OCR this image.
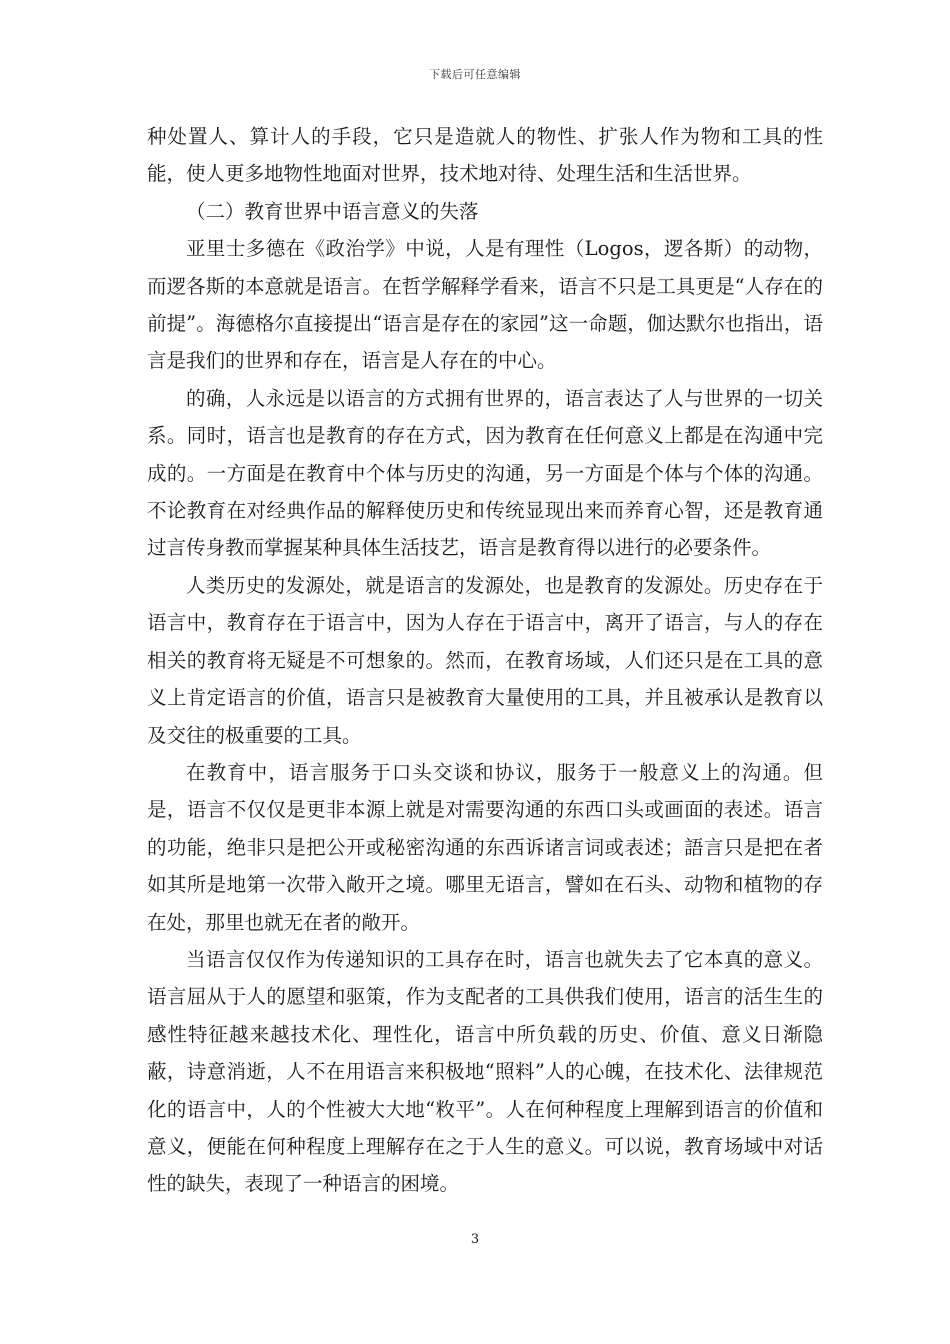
下载后可任意编辑

种处置人、算计人的手段，它只是造就人的物性、扩张人作为物和工具的性能，使人更多地物性地面对世界，技术地对待、处理生活和生活世界。

（二）教育世界中语言意义的失落

亚里士多德在《政治学》中说，人是有理性（Logos，逻各斯）的动物，而逻各斯的本意就是语言。在哲学解释学看来，语言不只是工具更是“人存在的前提”。海德格尔直接提出“语言是存在的家园”这一命题，伽达默尔也指出，语言是我们的世界和存在，语言是人存在的中心。

的确，人永远是以语言的方式拥有世界的，语言表达了人与世界的一切关系。同时，语言也是教育的存在方式，因为教育在任何意义上都是在沟通中完成的。一方面是在教育中个体与历史的沟通，另一方面是个体与个体的沟通。不论教育在对经典作品的解释使历史和传统显现出来而养育心智，还是教育通过言传身教而掌握某种具体生活技艺，语言是教育得以进行的必要条件。

人类历史的发源处，就是语言的发源处，也是教育的发源处。历史存在于语言中，教育存在于语言中，因为人存在于语言中，离开了语言，与人的存在相关的教育将无疑是不可想象的。然而，在教育场域，人们还只是在工具的意义上肯定语言的价值，语言只是被教育大量使用的工具，并且被承认是教育以及交往的极重要的工具。

在教育中，语言服务于口头交谈和协议，服务于一般意义上的沟通。但是，语言不仅仅是更非本源上就是对需要沟通的东西口头或画面的表述。语言的功能，绝非只是把公开或秘密沟通的东西诉诸言词或表述；語言只是把在者如其所是地第一次带入敞开之境。哪里无语言，譬如在石头、动物和植物的存在处，那里也就无在者的敞开。

当语言仅仅作为传递知识的工具存在时，语言也就失去了它本真的意义。语言屈从于人的愿望和驱策，作为支配者的工具供我们使用，语言的活生生的感性特征越来越技术化、理性化，语言中所负载的历史、价值、意义日渐隐蔽，诗意消逝，人不在用语言来积极地“照料”人的心魄，在技术化、法律规范化的语言中，人的个性被大大地“敉平”。人在何种程度上理解到语言的价值和意义，便能在何种程度上理解存在之于人生的意义。可以说，教育场域中对话性的缺失，表现了一种语言的困境。

3
